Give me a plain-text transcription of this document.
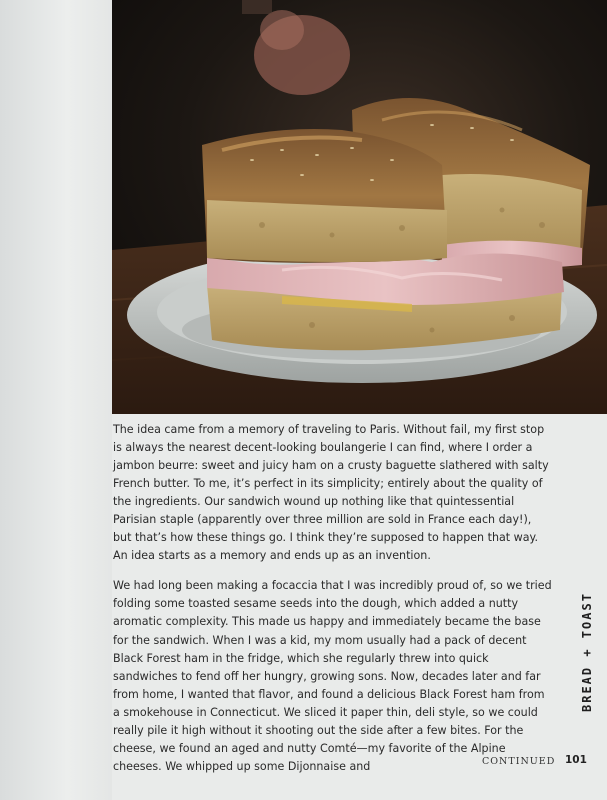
The idea came from a memory of traveling to Paris. Without fail, my first stop is always the nearest decent-looking boulangerie I can find, where I order a jambon beurre: sweet and juicy ham on a crusty baguette slathered with salty French butter. To me, it’s perfect in its simplicity; entirely about the quality of the ingredients. Our sandwich wound up nothing like that quintessential Parisian staple (apparently over three million are sold in France each day!), but that’s how these things go. I think they’re supposed to happen that way. An idea starts as a memory and ends up as an invention.

We had long been making a focaccia that I was incredibly proud of, so we tried folding some toasted sesame seeds into the dough, which added a nutty aromatic complexity. This made us happy and immediately became the base for the sandwich. When I was a kid, my mom usually had a pack of decent Black Forest ham in the fridge, which she regularly threw into quick sandwiches to fend off her hungry, growing sons. Now, decades later and far from home, I wanted that flavor, and found a delicious Black Forest ham from a smokehouse in Connecticut. We sliced it paper thin, deli style, so we could really pile it high without it shooting out the side after a few bites. For the cheese, we found an aged and nutty Comté—my favorite of the Alpine cheeses. We whipped up some Dijonnaise and

BREAD + TOAST
CONTINUED 101
